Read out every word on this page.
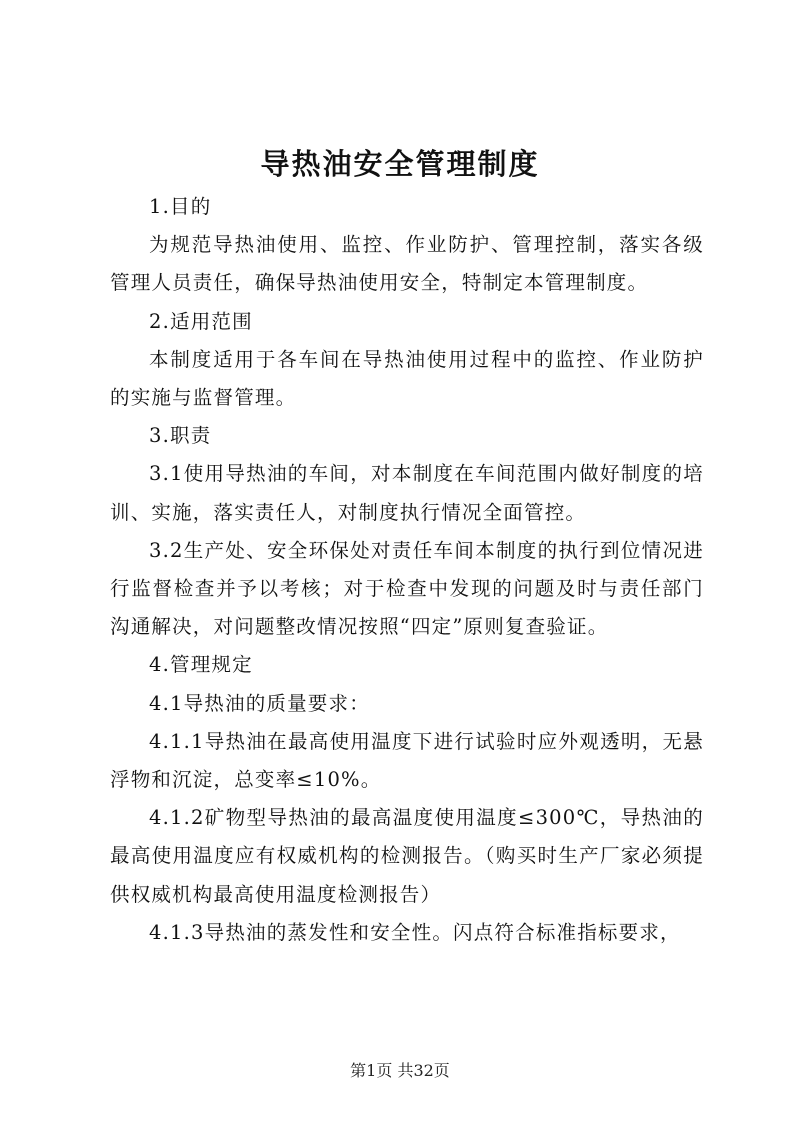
导热油安全管理制度

1.目的

为规范导热油使用、监控、作业防护、管理控制，落实各级管理人员责任，确保导热油使用安全，特制定本管理制度。

2.适用范围

本制度适用于各车间在导热油使用过程中的监控、作业防护的实施与监督管理。

3.职责

3.1使用导热油的车间，对本制度在车间范围内做好制度的培训、实施，落实责任人，对制度执行情况全面管控。

3.2生产处、安全环保处对责任车间本制度的执行到位情况进行监督检查并予以考核；对于检查中发现的问题及时与责任部门沟通解决，对问题整改情况按照“四定”原则复查验证。

4.管理规定

4.1导热油的质量要求：

4.1.1导热油在最高使用温度下进行试验时应外观透明，无悬浮物和沉淀，总变率≤10%。

4.1.2矿物型导热油的最高温度使用温度≤300℃，导热油的最高使用温度应有权威机构的检测报告。（购买时生产厂家必须提供权威机构最高使用温度检测报告）

4.1.3导热油的蒸发性和安全性。闪点符合标准指标要求，

第1页 共32页
